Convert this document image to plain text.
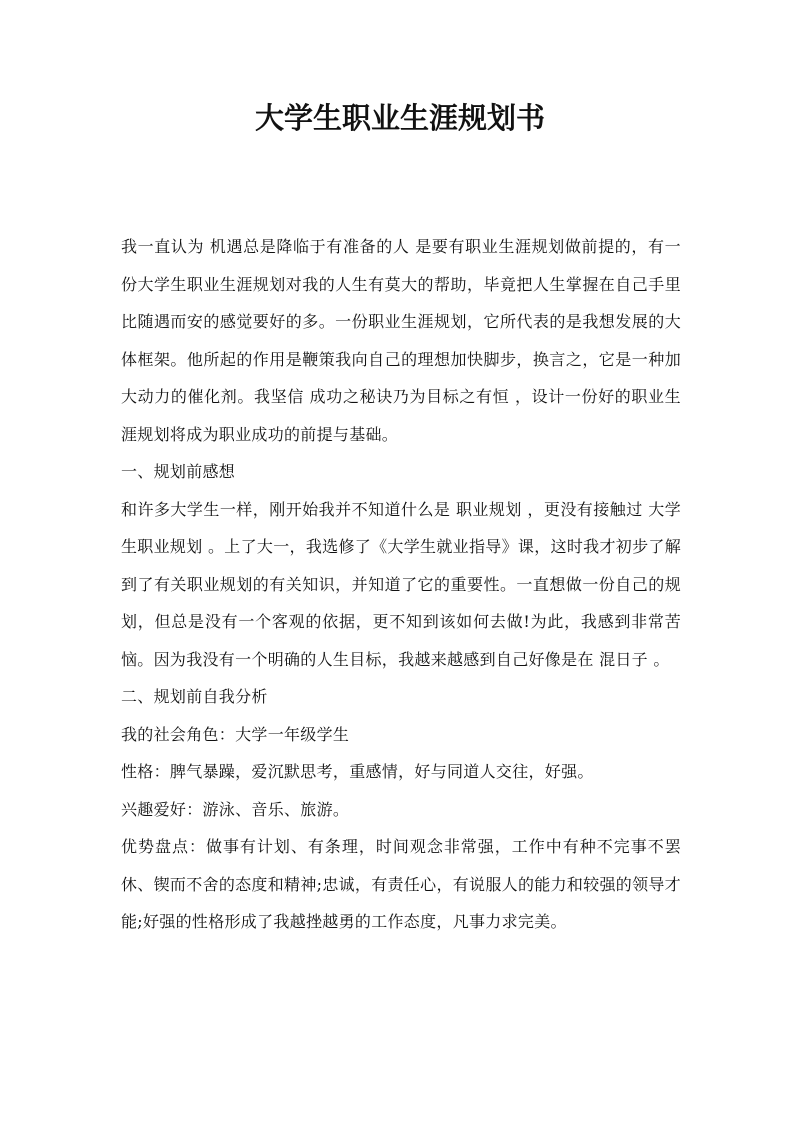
大学生职业生涯规划书

我一直认为 机遇总是降临于有准备的人 是要有职业生涯规划做前提的，有一份大学生职业生涯规划对我的人生有莫大的帮助，毕竟把人生掌握在自己手里比随遇而安的感觉要好的多。一份职业生涯规划，它所代表的是我想发展的大体框架。他所起的作用是鞭策我向自己的理想加快脚步，换言之，它是一种加大动力的催化剂。我坚信 成功之秘诀乃为目标之有恒 ，设计一份好的职业生涯规划将成为职业成功的前提与基础。

一、规划前感想

和许多大学生一样，刚开始我并不知道什么是 职业规划 ，更没有接触过 大学生职业规划 。上了大一，我选修了《大学生就业指导》课，这时我才初步了解到了有关职业规划的有关知识，并知道了它的重要性。一直想做一份自己的规划，但总是没有一个客观的依据，更不知到该如何去做!为此，我感到非常苦恼。因为我没有一个明确的人生目标，我越来越感到自己好像是在 混日子 。

二、规划前自我分析

我的社会角色：大学一年级学生

性格：脾气暴躁，爱沉默思考，重感情，好与同道人交往，好强。

兴趣爱好：游泳、音乐、旅游。

优势盘点：做事有计划、有条理，时间观念非常强，工作中有种不完事不罢休、锲而不舍的态度和精神;忠诚，有责任心，有说服人的能力和较强的领导才能;好强的性格形成了我越挫越勇的工作态度，凡事力求完美。
